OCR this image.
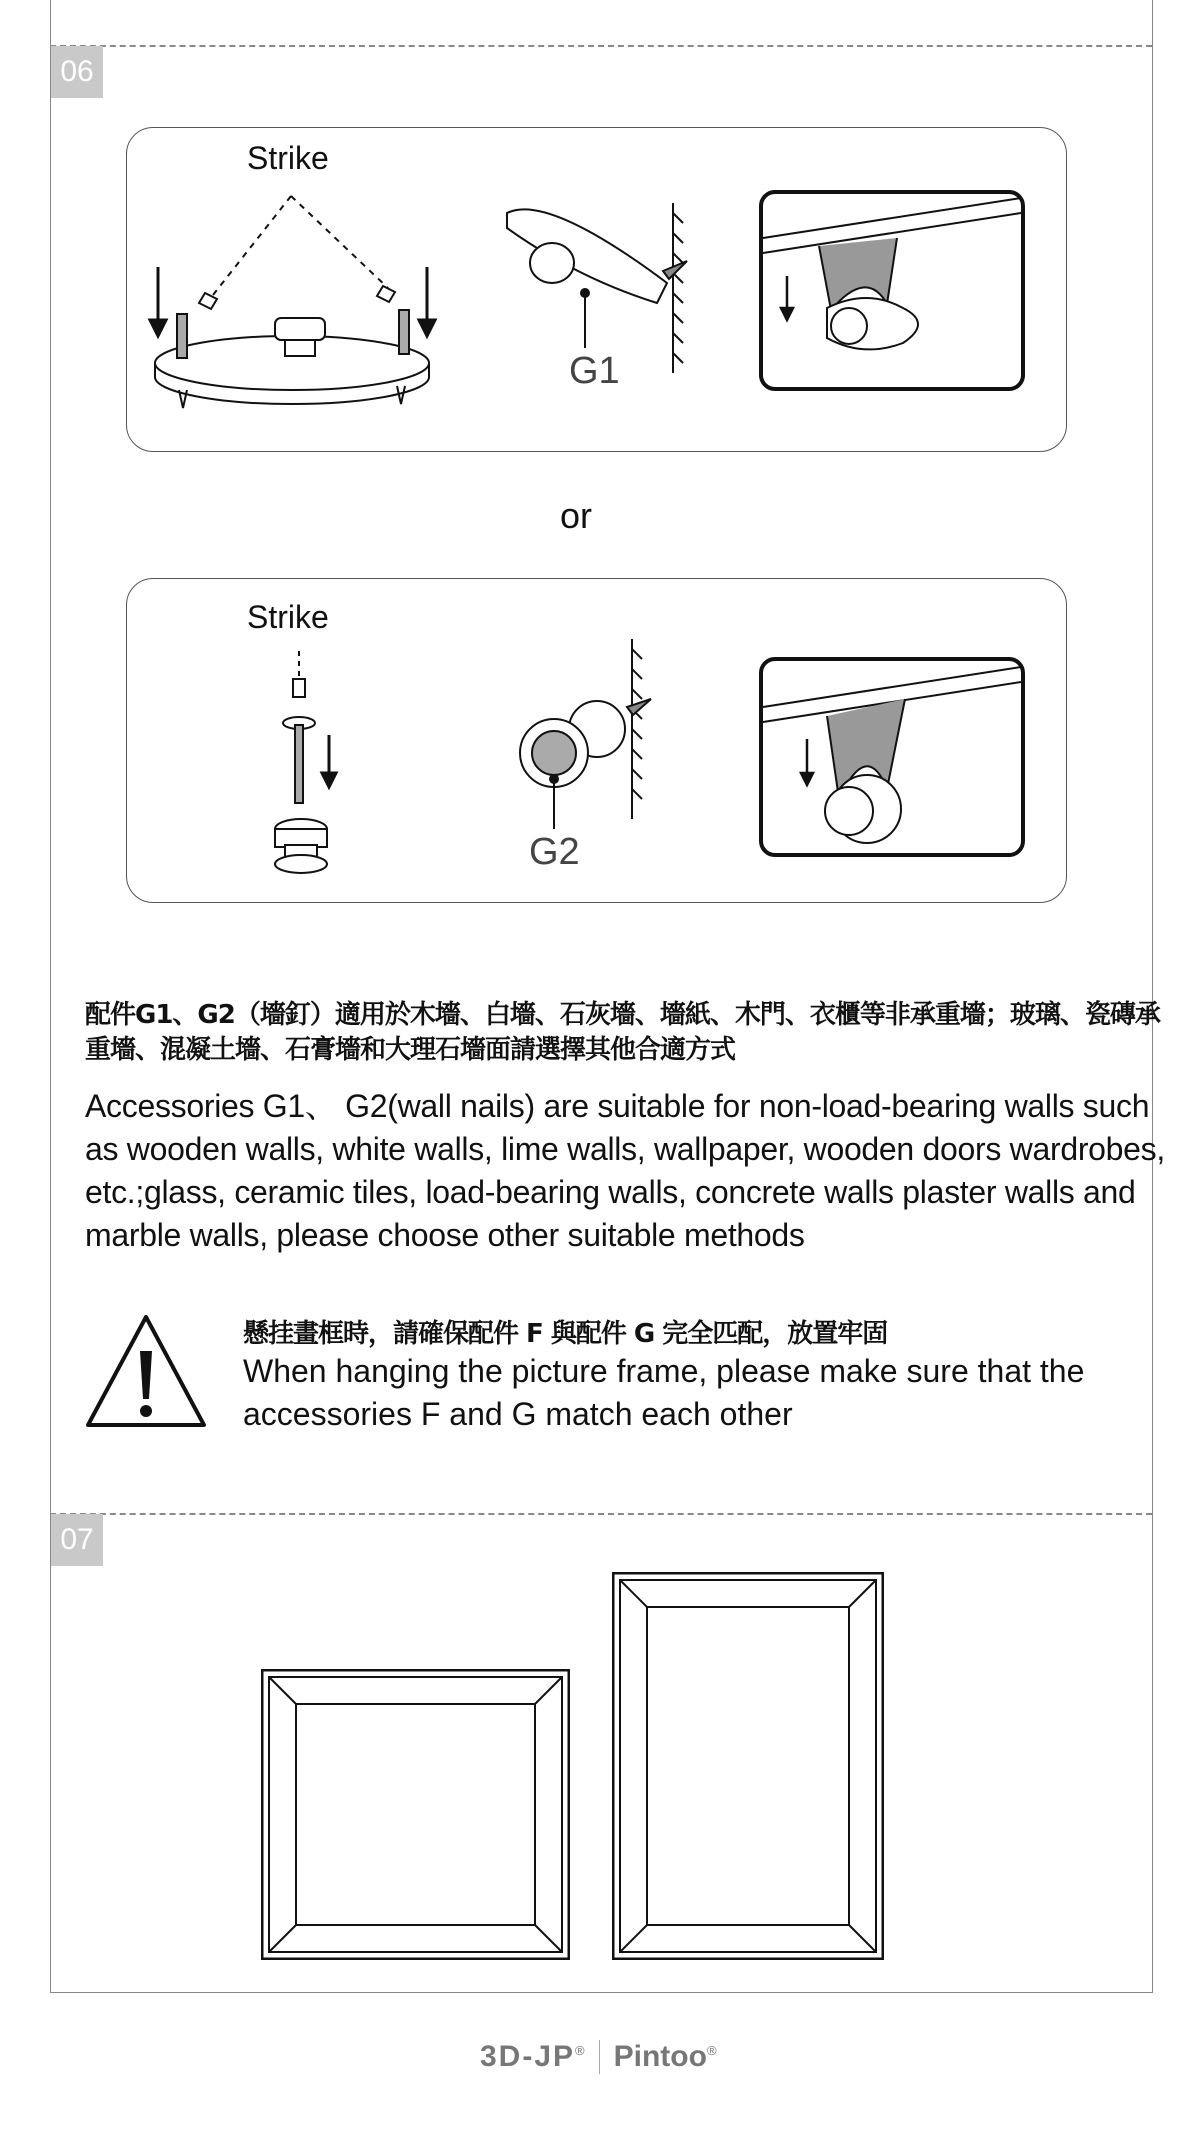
06
Strike
G1
or
Strike
G2
配件G1、G2（墻釘）適用於木墻、白墻、石灰墻、墻紙、木門、衣櫃等非承重墻；玻璃、瓷磚承重墻、混凝土墻、石膏墻和大理石墻面請選擇其他合適方式
Accessories G1、 G2(wall nails) are suitable for non-load-bearing walls such as wooden walls, white walls, lime walls, wallpaper, wooden doors wardrobes, etc.;glass, ceramic tiles, load-bearing walls, concrete walls plaster walls and marble walls, please choose other suitable methods
懸挂畫框時，請確保配件 F 與配件 G 完全匹配，放置牢固
When hanging the picture frame, please make sure that the accessories F and G match each other
07
3D-JP® Pintoo®
